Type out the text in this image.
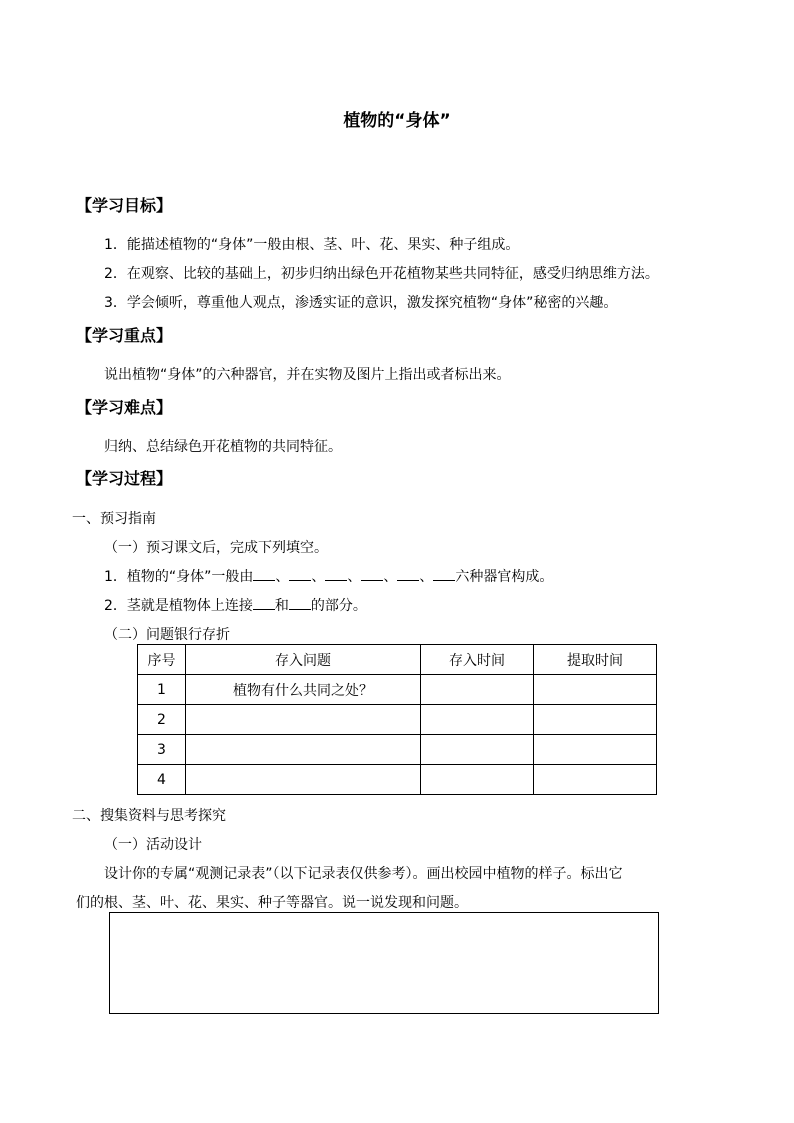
植物的“身体”
【学习目标】
1．能描述植物的“身体”一般由根、茎、叶、花、果实、种子组成。
2．在观察、比较的基础上，初步归纳出绿色开花植物某些共同特征，感受归纳思维方法。
3．学会倾听，尊重他人观点，渗透实证的意识，激发探究植物“身体”秘密的兴趣。
【学习重点】
说出植物“身体”的六种器官，并在实物及图片上指出或者标出来。
【学习难点】
归纳、总结绿色开花植物的共同特征。
【学习过程】
一、预习指南
（一）预习课文后，完成下列填空。
1．植物的“身体”一般由 、 、 、 、 、 六种器官构成。
2．茎就是植物体上连接 和 的部分。
（二）问题银行存折
序号	存入问题	存入时间	提取时间
1	植物有什么共同之处？		
2			
3			
4			
二、搜集资料与思考探究
（一）活动设计
设计你的专属“观测记录表”（以下记录表仅供参考）。画出校园中植物的样子。标出它
们的根、茎、叶、花、果实、种子等器官。说一说发现和问题。
